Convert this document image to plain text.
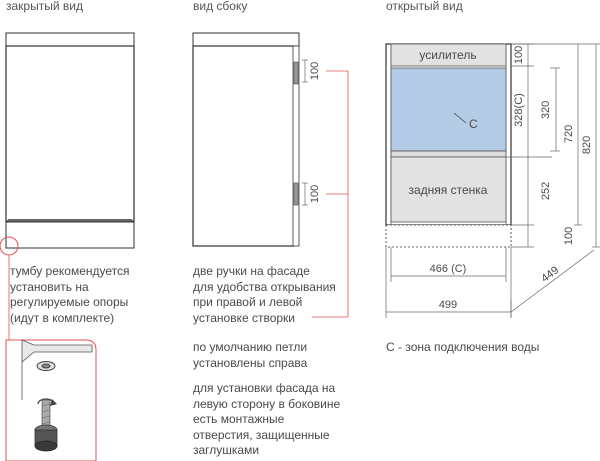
закрытый вид	вид сбоку	открытый вид
100
100
усилитель
C
задняя стенка
100
328(C) 320
252
720
820
100
466 (C)
499
449
тумбу рекомендуется
установить на
регулируемые опоры
(идут в комплекте)
две ручки на фасаде
для удобства открывания
при правой и левой
установке створки
по умолчанию петли
установлены справа
для установки фасада на
левую сторону в боковине
есть монтажные
отверстия, защищенные
заглушками
С - зона подключения воды
